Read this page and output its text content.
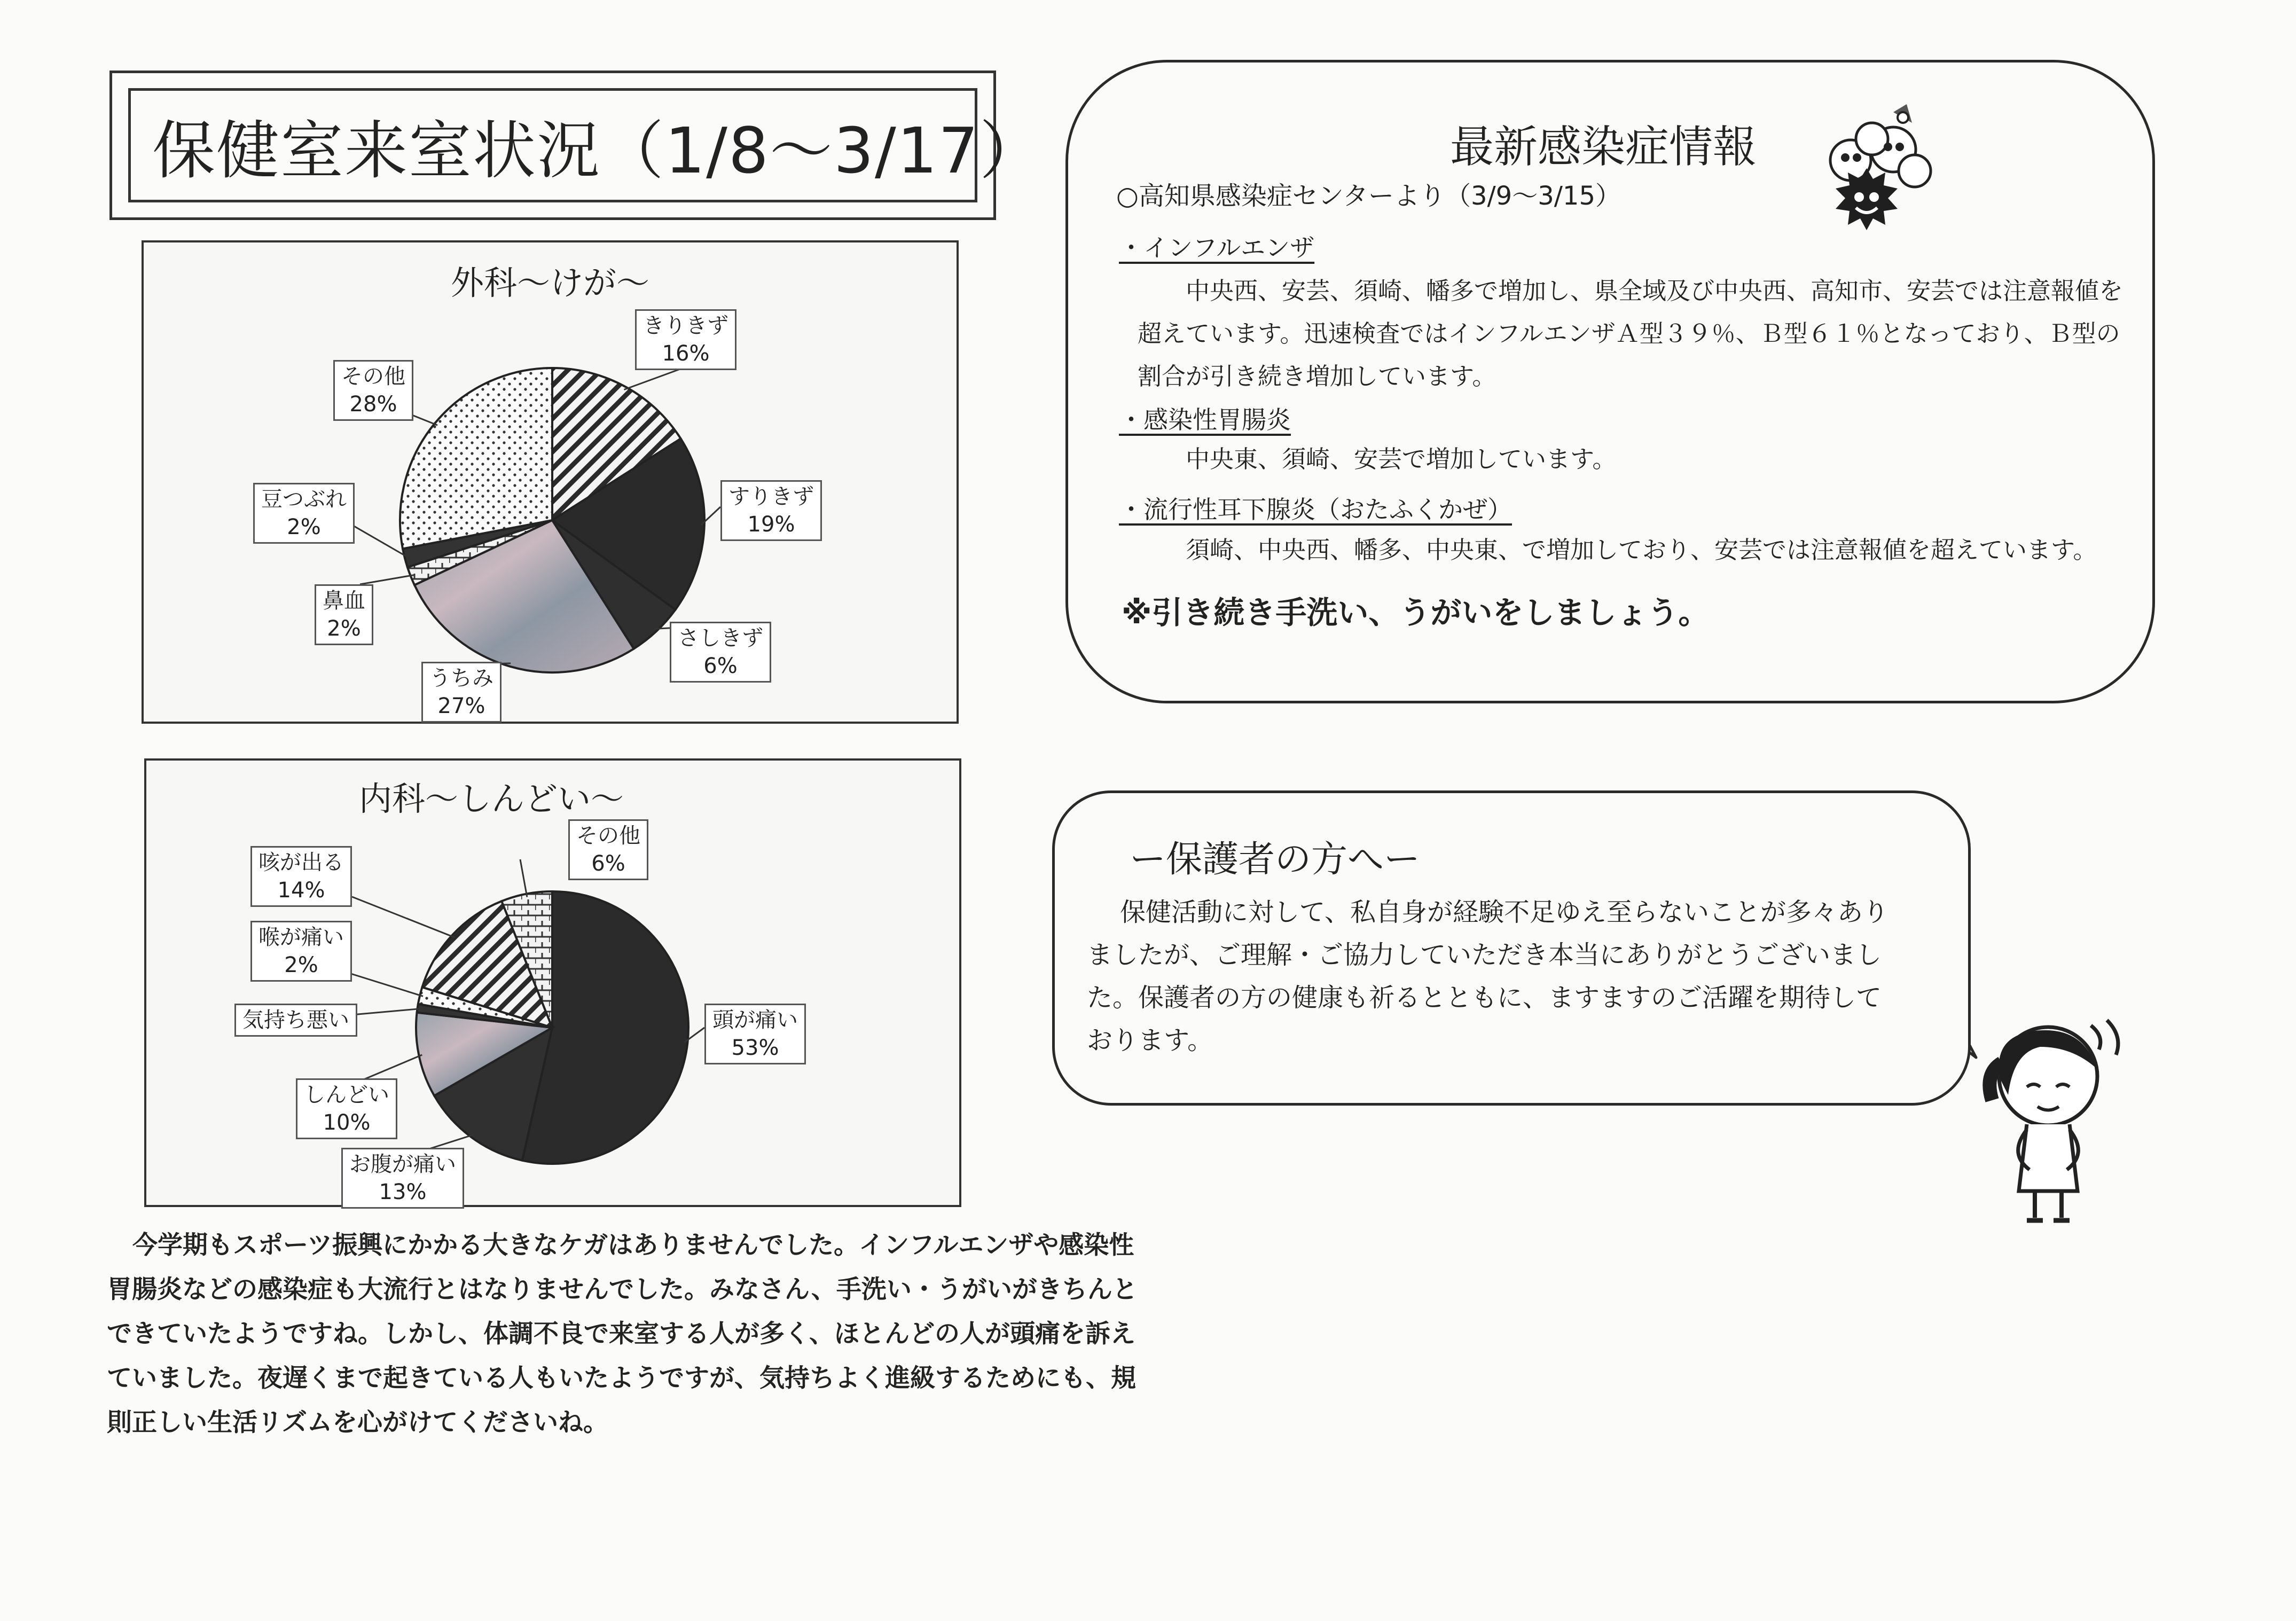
保健室来室状況（1/8〜3/17）
外科〜けが〜
きりきず
16%
すりきず
19%
さしきず
6%
うちみ
27%
鼻血
2%
豆つぶれ
2%
その他
28%
内科〜しんどい〜
頭が痛い
53%
お腹が痛い
13%
しんどい
10%
気持ち悪い
喉が痛い
2%
咳が出る
14%
その他
6%
今学期もスポーツ振興にかかる大きなケガはありませんでした。インフルエンザや感染性胃腸炎などの感染症も大流行とはなりませんでした。みなさん、手洗い・うがいがきちんとできていたようですね。しかし、体調不良で来室する人が多く、ほとんどの人が頭痛を訴えていました。夜遅くまで起きている人もいたようですが、気持ちよく進級するためにも、規則正しい生活リズムを心がけてくださいね。
最新感染症情報
○高知県感染症センターより（3/9〜3/15）
・インフルエンザ
中央西、安芸、須崎、幡多で増加し、県全域及び中央西、高知市、安芸では注意報値を超えています。迅速検査ではインフルエンザＡ型３９％、Ｂ型６１％となっており、Ｂ型の割合が引き続き増加しています。
・感染性胃腸炎
中央東、須崎、安芸で増加しています。
・流行性耳下腺炎（おたふくかぜ）
須崎、中央西、幡多、中央東、で増加しており、安芸では注意報値を超えています。
※引き続き手洗い、うがいをしましょう。
ー保護者の方へー
保健活動に対して、私自身が経験不足ゆえ至らないことが多々ありましたが、ご理解・ご協力していただき本当にありがとうございました。保護者の方の健康も祈るとともに、ますますのご活躍を期待しております。
